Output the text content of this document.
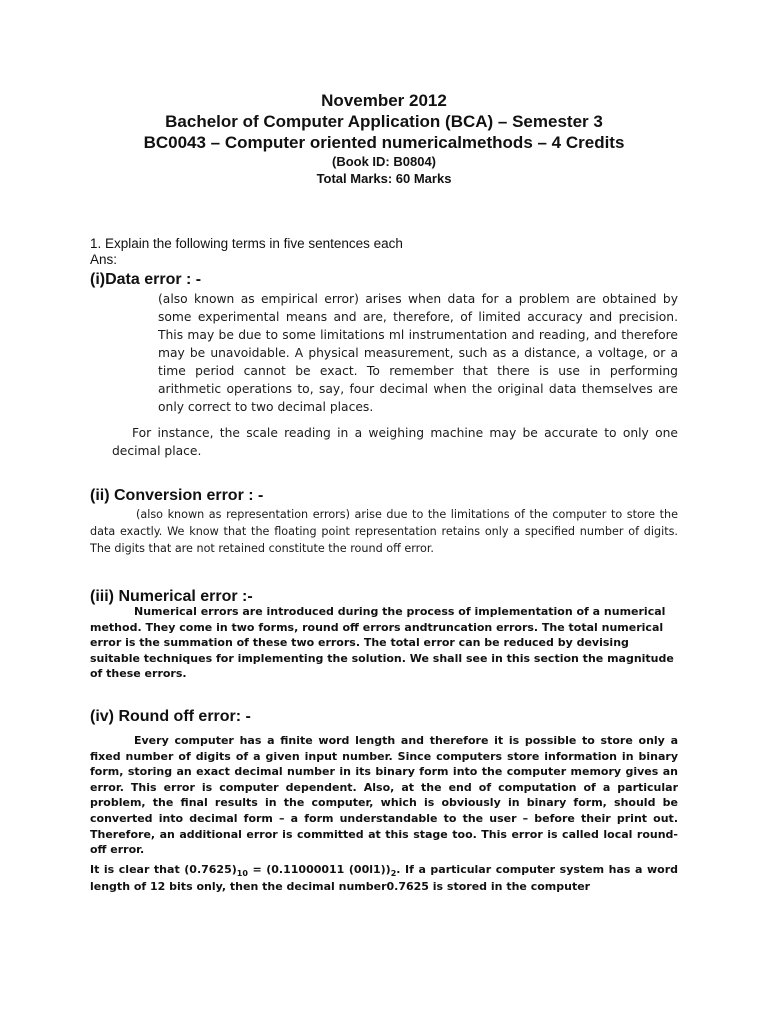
November 2012
Bachelor of Computer Application (BCA) – Semester 3
BC0043 – Computer oriented numericalmethods – 4 Credits
(Book ID: B0804)
Total Marks: 60 Marks
1. Explain the following terms in five sentences each
Ans:
(i)Data error : -
(also known as empirical error) arises when data for a problem are obtained by some experimental means and are, therefore, of limited accuracy and precision. This may be due to some limitations ml instrumentation and reading, and therefore may be unavoidable. A physical measurement, such as a distance, a voltage, or a time period cannot be exact. To remember that there is use in performing arithmetic operations to, say, four decimal when the original data themselves are only correct to two decimal places.
For instance, the scale reading in a weighing machine may be accurate to only one decimal place.
(ii) Conversion error : -
(also known as representation errors) arise due to the limitations of the computer to store the data exactly. We know that the floating point representation retains only a specified number of digits. The digits that are not retained constitute the round off error.
(iii) Numerical error :-
Numerical errors are introduced during the process of implementation of a numerical method. They come in two forms, round off errors andtruncation errors. The total numerical error is the summation of these two errors. The total error can be reduced by devising suitable techniques for implementing the solution. We shall see in this section the magnitude of these errors.
(iv) Round off error: -
Every computer has a finite word length and therefore it is possible to store only a fixed number of digits of a given input number. Since computers store information in binary form, storing an exact decimal number in its binary form into the computer memory gives an error. This error is computer dependent. Also, at the end of computation of a particular problem, the final results in the computer, which is obviously in binary form, should be converted into decimal form – a form understandable to the user – before their print out. Therefore, an additional error is committed at this stage too. This error is called local round-off error.
It is clear that $(0.7625)_{10} = (0.11000011$ $(00l1))_2$. If a particular computer system has a word length of 12 bits only, then the decimal number0.7625 is stored in the computer
